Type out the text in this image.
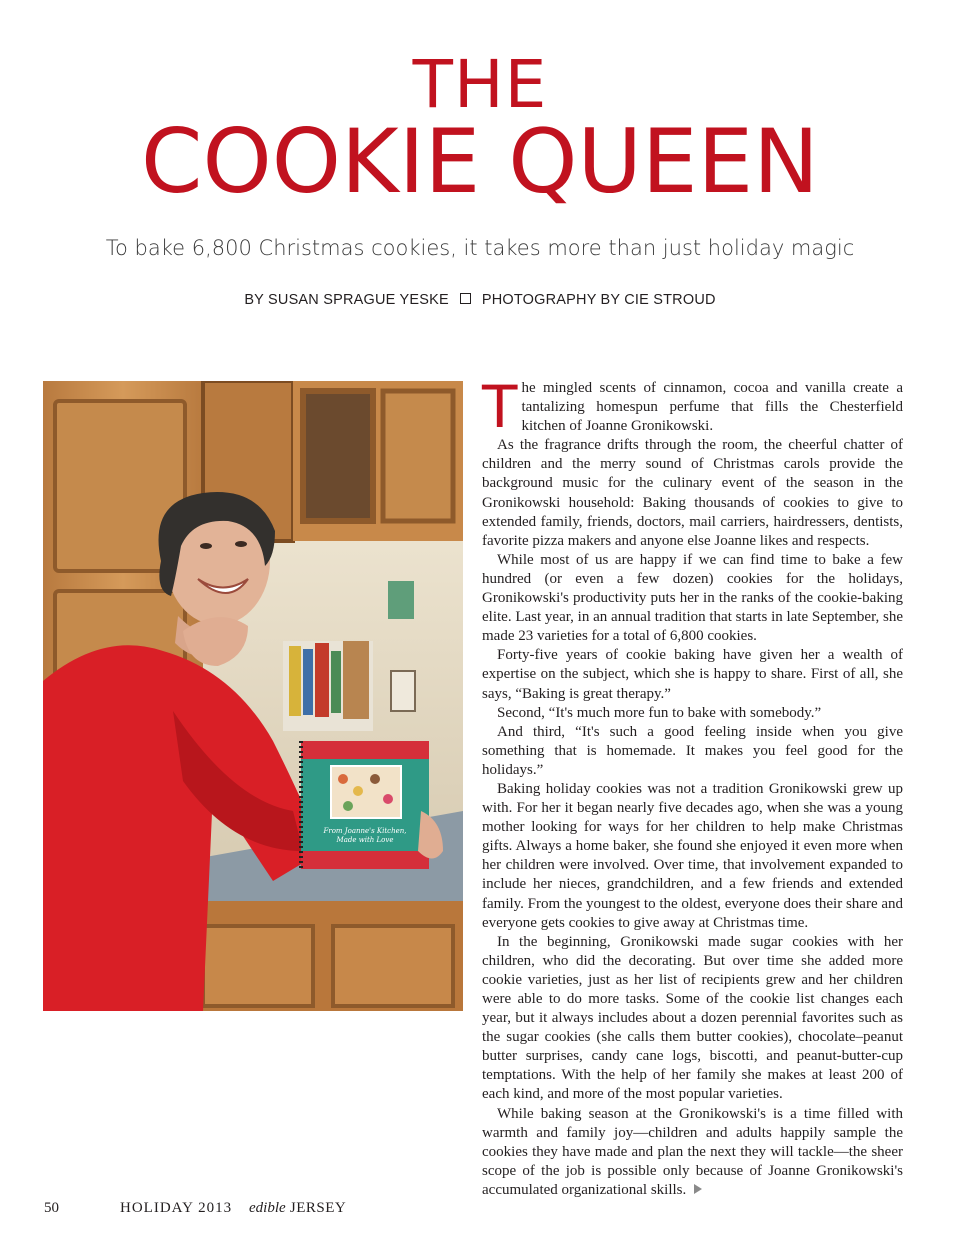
THE
COOKIE QUEEN

To bake 6,800 Christmas cookies, it takes more than just holiday magic

BY SUSAN SPRAGUE YESKE PHOTOGRAPHY BY CIE STROUD
From Joanne's Kitchen,
Made with Love

The mingled scents of cinnamon, cocoa and vanilla create a tantalizing homespun perfume that fills the Chesterfield kitchen of Joanne Gronikowski.

As the fragrance drifts through the room, the cheerful chatter of children and the merry sound of Christmas carols provide the background music for the culinary event of the season in the Gronikowski household: Baking thousands of cookies to give to extended family, friends, doctors, mail carriers, hairdressers, dentists, favorite pizza makers and anyone else Joanne likes and respects.

While most of us are happy if we can find time to bake a few hundred (or even a few dozen) cookies for the holidays, Gronikowski's productivity puts her in the ranks of the cookie-baking elite. Last year, in an annual tradition that starts in late September, she made 23 varieties for a total of 6,800 cookies.

Forty-five years of cookie baking have given her a wealth of expertise on the subject, which she is happy to share. First of all, she says, “Baking is great therapy.”

Second, “It's much more fun to bake with somebody.”

And third, “It's such a good feeling inside when you give something that is homemade. It makes you feel good for the holidays.”

Baking holiday cookies was not a tradition Gronikowski grew up with. For her it began nearly five decades ago, when she was a young mother looking for ways for her children to help make Christmas gifts. Always a home baker, she found she enjoyed it even more when her children were involved. Over time, that involvement expanded to include her nieces, grandchildren, and a few friends and extended family. From the youngest to the oldest, everyone does their share and everyone gets cookies to give away at Christmas time.

In the beginning, Gronikowski made sugar cookies with her children, who did the decorating. But over time she added more cookie varieties, just as her list of recipients grew and her children were able to do more tasks. Some of the cookie list changes each year, but it always includes about a dozen perennial favorites such as the sugar cookies (she calls them butter cookies), chocolate–peanut butter surprises, candy cane logs, biscotti, and peanut-butter-cup temptations. With the help of her family she makes at least 200 of each kind, and more of the most popular varieties.

While baking season at the Gronikowski's is a time filled with warmth and family joy—children and adults happily sample the cookies they have made and plan the next they will tackle—the sheer scope of the job is possible only because of Joanne Gronikowski's accumulated organizational skills.

50	HOLIDAY 2013 edible JERSEY
